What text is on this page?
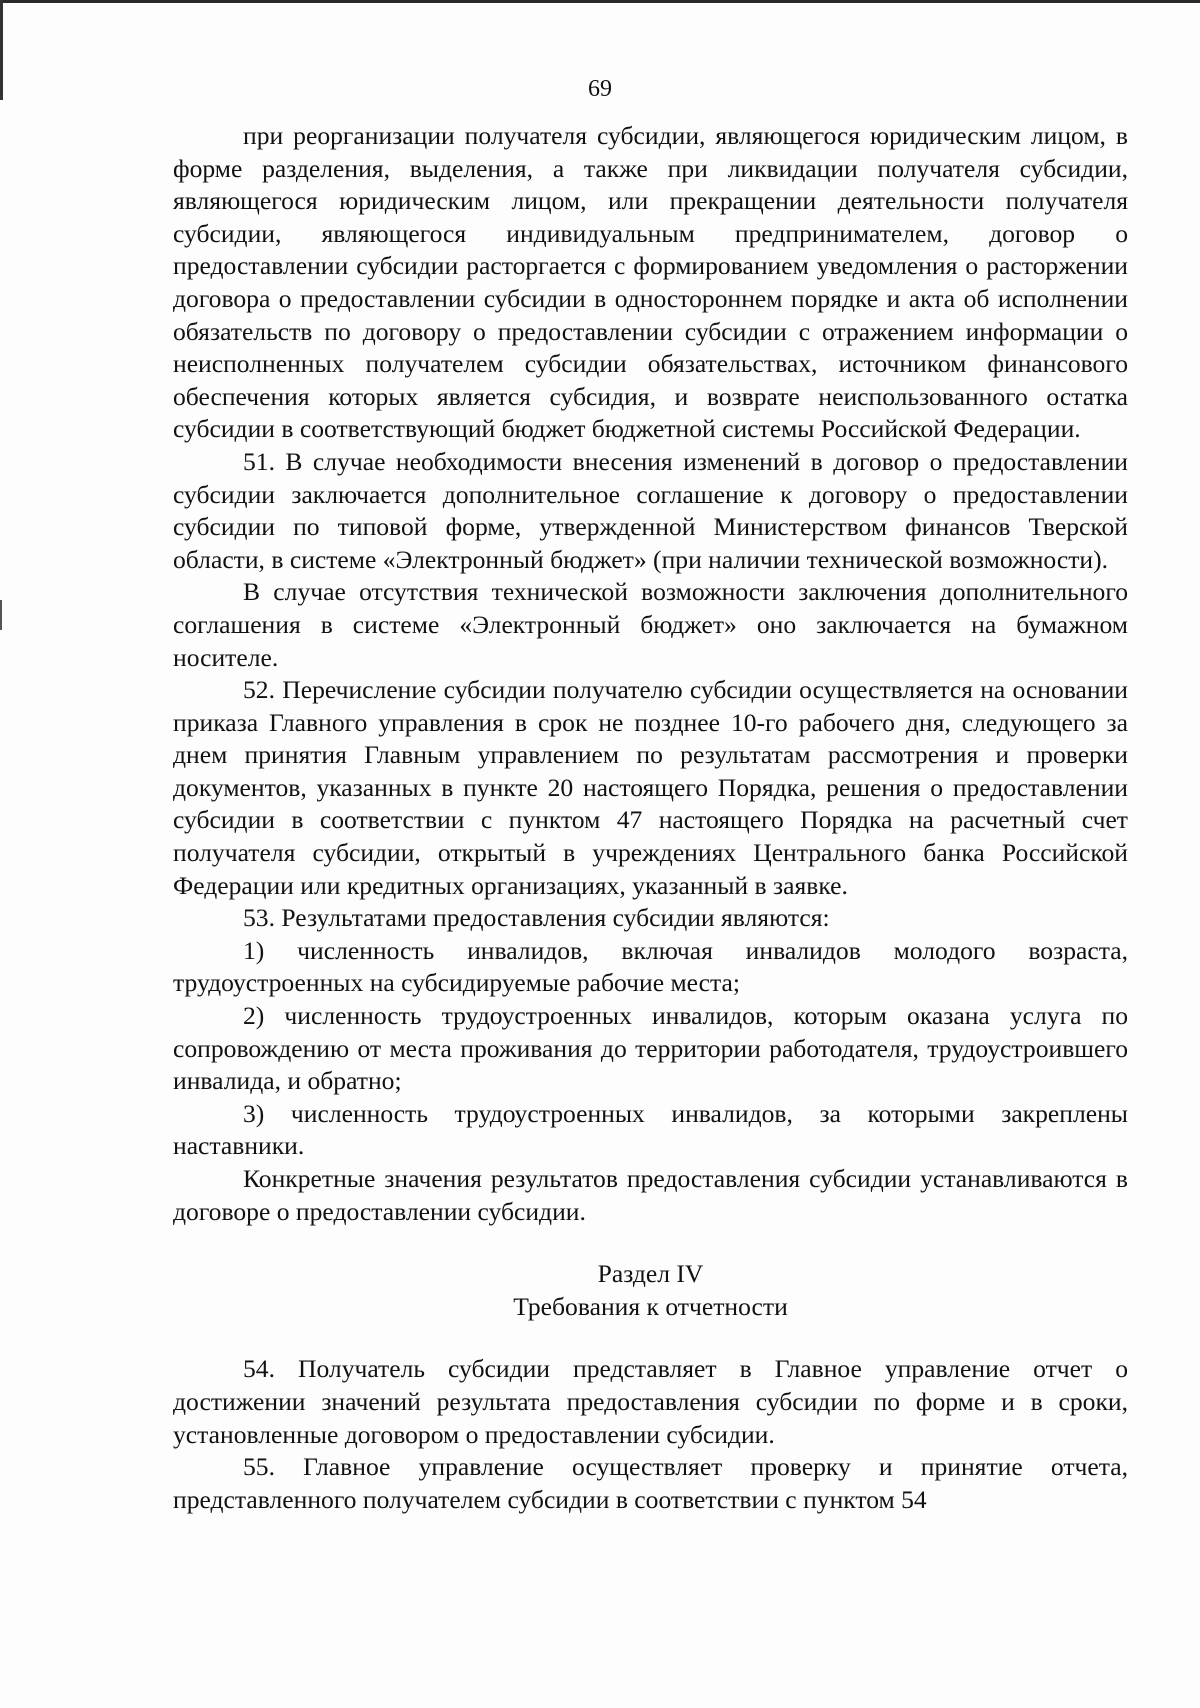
69

при реорганизации получателя субсидии, являющегося юридическим лицом, в форме разделения, выделения, а также при ликвидации получателя субсидии, являющегося юридическим лицом, или прекращении деятельности получателя субсидии, являющегося индивидуальным предпринимателем, договор о предоставлении субсидии расторгается с формированием уведомления о расторжении договора о предоставлении субсидии в одностороннем порядке и акта об исполнении обязательств по договору о предоставлении субсидии с отражением информации о неисполненных получателем субсидии обязательствах, источником финансового обеспечения которых является субсидия, и возврате неиспользованного остатка субсидии в соответствующий бюджет бюджетной системы Российской Федерации.

51. В случае необходимости внесения изменений в договор о предоставлении субсидии заключается дополнительное соглашение к договору о предоставлении субсидии по типовой форме, утвержденной Министерством финансов Тверской области, в системе «Электронный бюджет» (при наличии технической возможности).

В случае отсутствия технической возможности заключения дополнительного соглашения в системе «Электронный бюджет» оно заключается на бумажном носителе.

52. Перечисление субсидии получателю субсидии осуществляется на основании приказа Главного управления в срок не позднее 10-го рабочего дня, следующего за днем принятия Главным управлением по результатам рассмотрения и проверки документов, указанных в пункте 20 настоящего Порядка, решения о предоставлении субсидии в соответствии с пунктом 47 настоящего Порядка на расчетный счет получателя субсидии, открытый в учреждениях Центрального банка Российской Федерации или кредитных организациях, указанный в заявке.

53. Результатами предоставления субсидии являются:

1) численность инвалидов, включая инвалидов молодого возраста, трудоустроенных на субсидируемые рабочие места;

2) численность трудоустроенных инвалидов, которым оказана услуга по сопровождению от места проживания до территории работодателя, трудоустроившего инвалида, и обратно;

3) численность трудоустроенных инвалидов, за которыми закреплены наставники.

Конкретные значения результатов предоставления субсидии устанавливаются в договоре о предоставлении субсидии.

Раздел IV

Требования к отчетности

54. Получатель субсидии представляет в Главное управление отчет о достижении значений результата предоставления субсидии по форме и в сроки, установленные договором о предоставлении субсидии.

55. Главное управление осуществляет проверку и принятие отчета, представленного получателем субсидии в соответствии с пунктом 54
